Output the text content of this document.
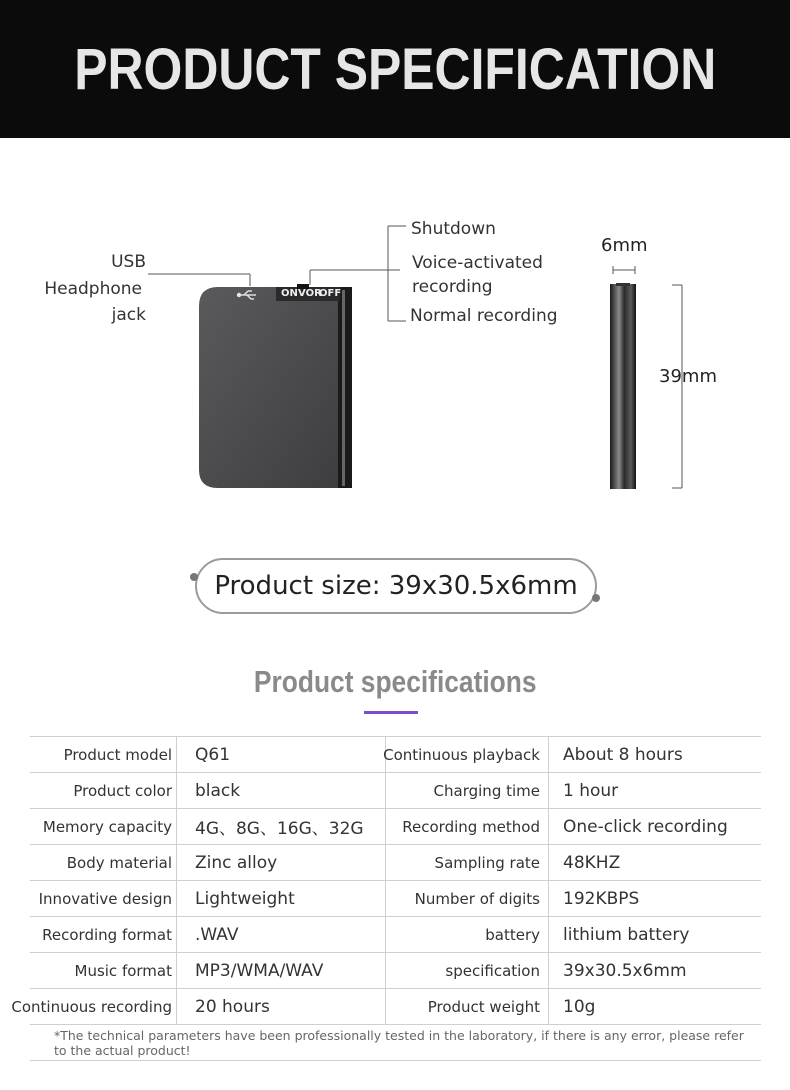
PRODUCT SPECIFICATION
ON VOR
OFF
USB
Headphone
jack
Shutdown
Voice-activated
recording
Normal recording
6mm
39mm
Product size: 39x30.5x6mm
Product specifications
Product model	Q61	Continuous playback	About 8 hours
Product color	black	Charging time	1 hour
Memory capacity	4G、8G、16G、32G	Recording method	One-click recording
Body material	Zinc alloy	Sampling rate	48KHZ
Innovative design	Lightweight	Number of digits	192KBPS
Recording format	.WAV	battery	lithium battery
Music format	MP3/WMA/WAV	specification	39x30.5x6mm
Continuous recording	20 hours	Product weight	10g
*The technical parameters have been professionally tested in the laboratory, if there is any error, please refer to the actual product!
